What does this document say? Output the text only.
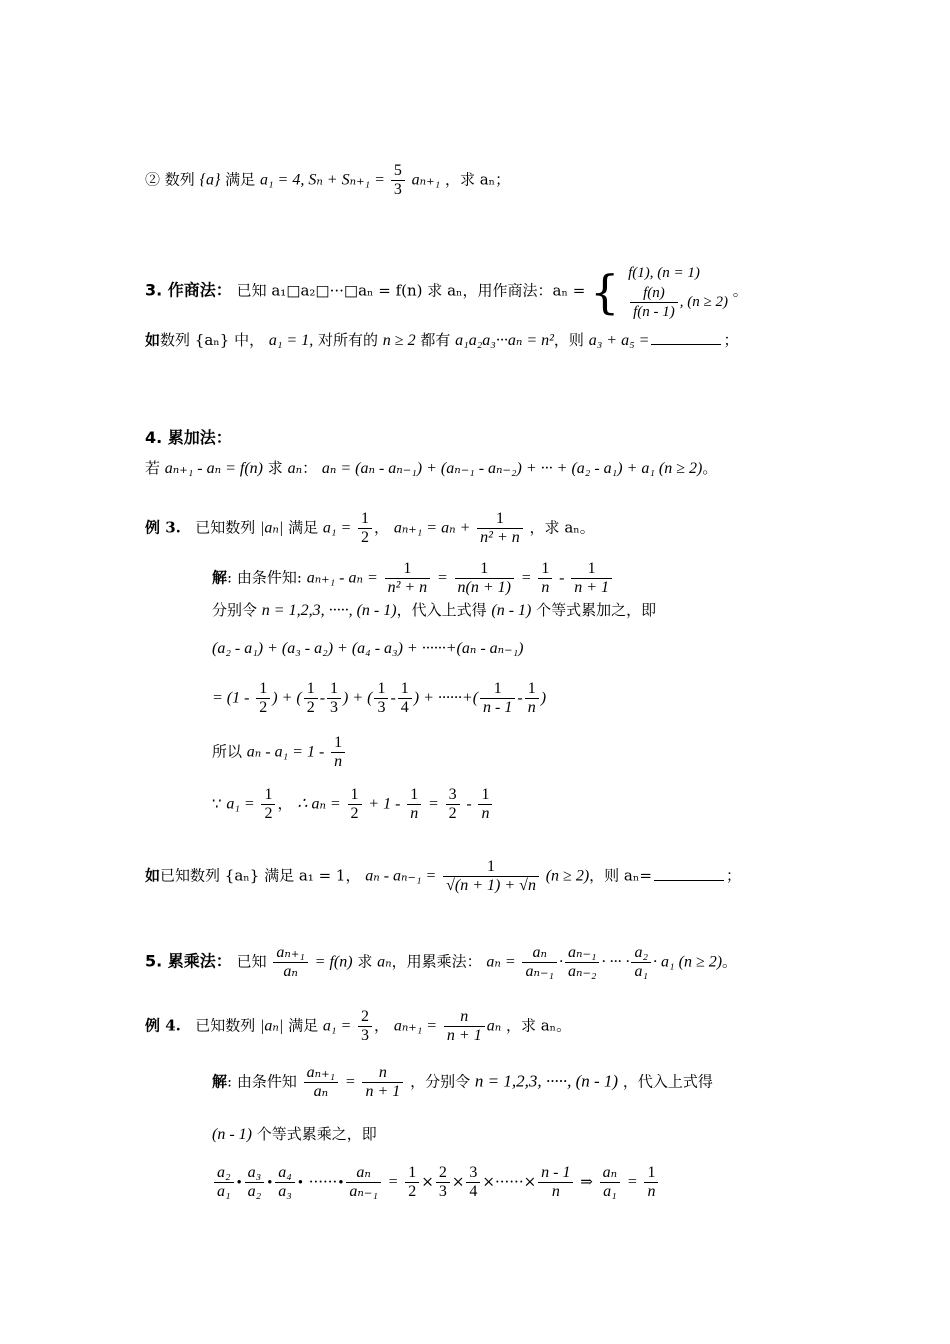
② 数列 {a} 满足 a₁ = 4, $S_n + S_{n+1} = \frac{5}{3} a_{n+1}$ ，求 aₙ；
3. 作商法： 已知 a₁□a₂□···□aₙ = f(n) 求 aₙ，用作商法：aₙ = { f(1), (n = 1)
$\frac{f(n)}{f(n - 1)}$ , (n ≥ 2)
。
如数列 {aₙ} 中， a₁ = 1, 对所有的 n ≥ 2 都有 a₁a₂a₃···aₙ = n²，则 a₃ + a₅ =	；
4. 累加法：
若 aₙ₊₁ - aₙ = f(n) 求 aₙ： aₙ = (aₙ - aₙ₋₁) + (aₙ₋₁ - aₙ₋₂) + ··· + (a₂ - a₁) + a₁ (n ≥ 2)。
例 3. 已知数列 |aₙ| 满足 $a_1 = \frac{1}{2}$ ， $a_{n+1} = a_n + \frac{1}{\text{n² + n}}$ ，求 aₙ。
解: 由条件知: $a_{n+1} - a_n = \frac{1}{\text{n² + n}} = \frac{1}{n(n + 1)} = \frac{1}{n} - \frac{1}{n + 1}$
分别令 n = 1,2,3, ·····, (n - 1)，代入上式得 (n - 1) 个等式累加之，即
(a₂ - a₁) + (a₃ - a₂) + (a₄ - a₃) + ······+(aₙ - aₙ₋₁)
= ($1 - \frac{1}{2}$ ) + ( $\frac{1}{2} - \frac{1}{3}$ ) + ( $\frac{1}{3} - \frac{1}{4}$ ) + ······+( $\frac{1}{n - 1} - \frac{1}{n}$ )
所以 $a_n - a_1 = 1 - \frac{1}{n}$
∵ $a_1 = \frac{1}{2}$ ， ∴ $a_n = \frac{1}{2} + 1 - \frac{1}{n} = \frac{3}{2} - \frac{1}{n}$
如已知数列 {aₙ} 满足 a₁ = 1， $a_n - a_{n-1} = \frac{1}{√(n + 1) + √n} (n \ge 2)$，则 aₙ=	；
5. 累乘法： 已知 $\frac{\text{aₙ₊₁}}{\text{aₙ}} = f(n)$ 求 aₙ，用累乘法： $a_n = \frac{\text{aₙ}}{\text{aₙ₋₁}} \cdot \frac{\text{aₙ₋₁}}{\text{aₙ₋₂}}$ · ··· · $\frac{\text{a₂}}{\text{a₁}} \cdot a_1$ (n ≥ 2)。
例 4. 已知数列 |aₙ| 满足 $a_1 = \frac{2}{3}$ ， $a_{n+1} = \frac{n}{n + 1}$ aₙ ，求 aₙ。
解: 由条件知 $\frac{\text{aₙ₊₁}}{\text{aₙ}} = \frac{n}{n + 1}$ ，分别令 n = 1,2,3, ·····, (n - 1) ，代入上式得
(n - 1) 个等式累乘之，即
$\frac{\text{a₂}}{\text{a₁}}$ • $\frac{\text{a₃}}{\text{a₂}}$ • $\frac{\text{a₄}}{\text{a₃}}$ • ······• $\frac{\text{aₙ}}{\text{aₙ₋₁}} = \frac{1}{2} \times \frac{2}{3} \times \frac{3}{4}$ ×······× $\frac{n - 1}{n}$ ⇒ $\frac{\text{aₙ}}{\text{a₁}} = \frac{1}{n}$
